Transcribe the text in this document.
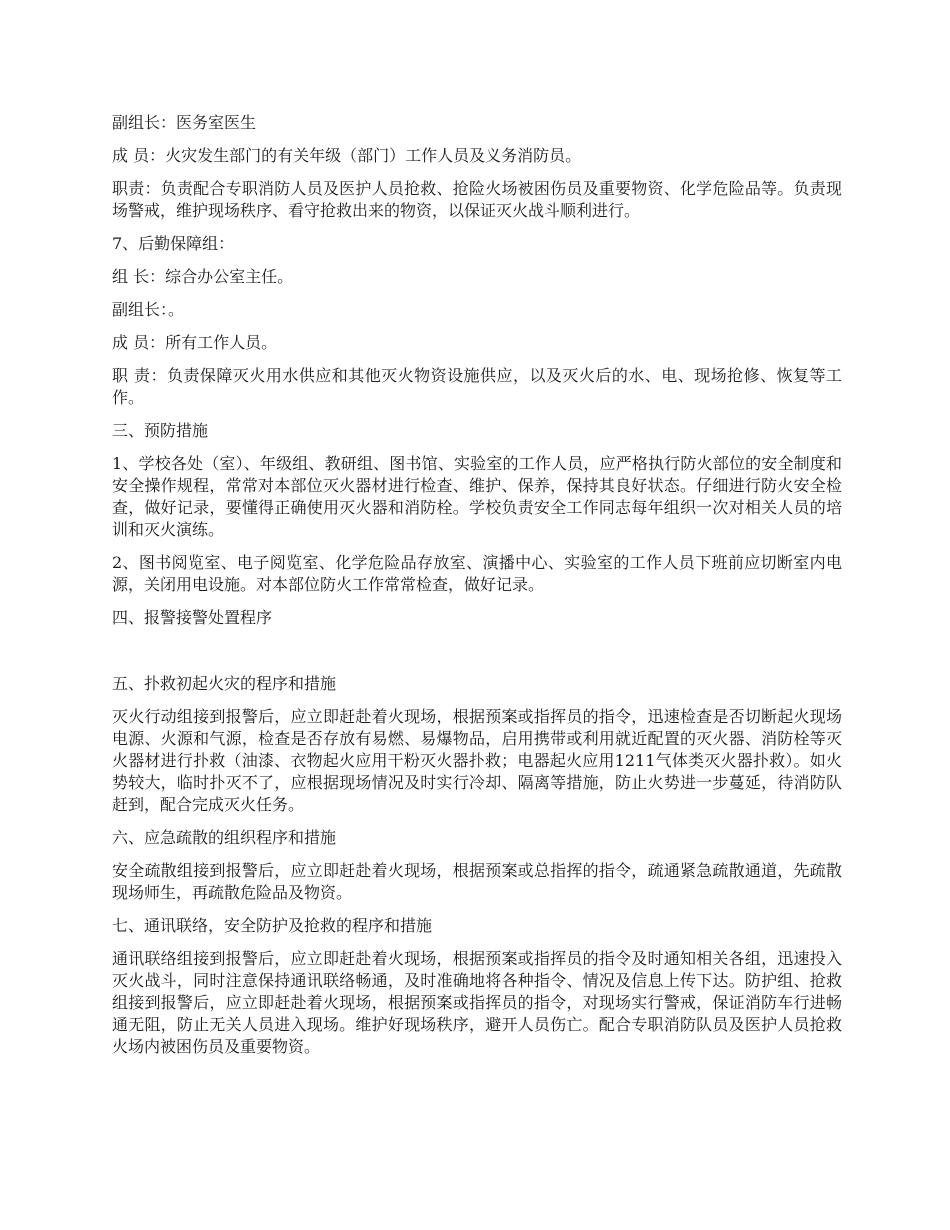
副组长：医务室医生

成 员：火灾发生部门的有关年级（部门）工作人员及义务消防员。

职责：负责配合专职消防人员及医护人员抢救、抢险火场被困伤员及重要物资、化学危险品等。负责现场警戒，维护现场秩序、看守抢救出来的物资，以保证灭火战斗顺利进行。

7、后勤保障组：

组 长：综合办公室主任。

副组长：。

成 员：所有工作人员。

职 责：负责保障灭火用水供应和其他灭火物资设施供应，以及灭火后的水、电、现场抢修、恢复等工作。

三、预防措施

1、学校各处（室）、年级组、教研组、图书馆、实验室的工作人员，应严格执行防火部位的安全制度和安全操作规程，常常对本部位灭火器材进行检查、维护、保养，保持其良好状态。仔细进行防火安全检查，做好记录，要懂得正确使用灭火器和消防栓。学校负责安全工作同志每年组织一次对相关人员的培训和灭火演练。

2、图书阅览室、电子阅览室、化学危险品存放室、演播中心、实验室的工作人员下班前应切断室内电源，关闭用电设施。对本部位防火工作常常检查，做好记录。

四、报警接警处置程序

五、扑救初起火灾的程序和措施

灭火行动组接到报警后，应立即赶赴着火现场，根据预案或指挥员的指令，迅速检查是否切断起火现场电源、火源和气源，检查是否存放有易燃、易爆物品，启用携带或利用就近配置的灭火器、消防栓等灭火器材进行扑救（油漆、衣物起火应用干粉灭火器扑救；电器起火应用1211气体类灭火器扑救）。如火势较大，临时扑灭不了，应根据现场情况及时实行冷却、隔离等措施，防止火势进一步蔓延，待消防队赶到，配合完成灭火任务。

六、应急疏散的组织程序和措施

安全疏散组接到报警后，应立即赶赴着火现场，根据预案或总指挥的指令，疏通紧急疏散通道，先疏散现场师生，再疏散危险品及物资。

七、通讯联络，安全防护及抢救的程序和措施

通讯联络组接到报警后，应立即赶赴着火现场，根据预案或指挥员的指令及时通知相关各组，迅速投入灭火战斗，同时注意保持通讯联络畅通，及时准确地将各种指令、情况及信息上传下达。防护组、抢救组接到报警后，应立即赶赴着火现场，根据预案或指挥员的指令，对现场实行警戒，保证消防车行进畅通无阻，防止无关人员进入现场。维护好现场秩序，避开人员伤亡。配合专职消防队员及医护人员抢救火场内被困伤员及重要物资。
